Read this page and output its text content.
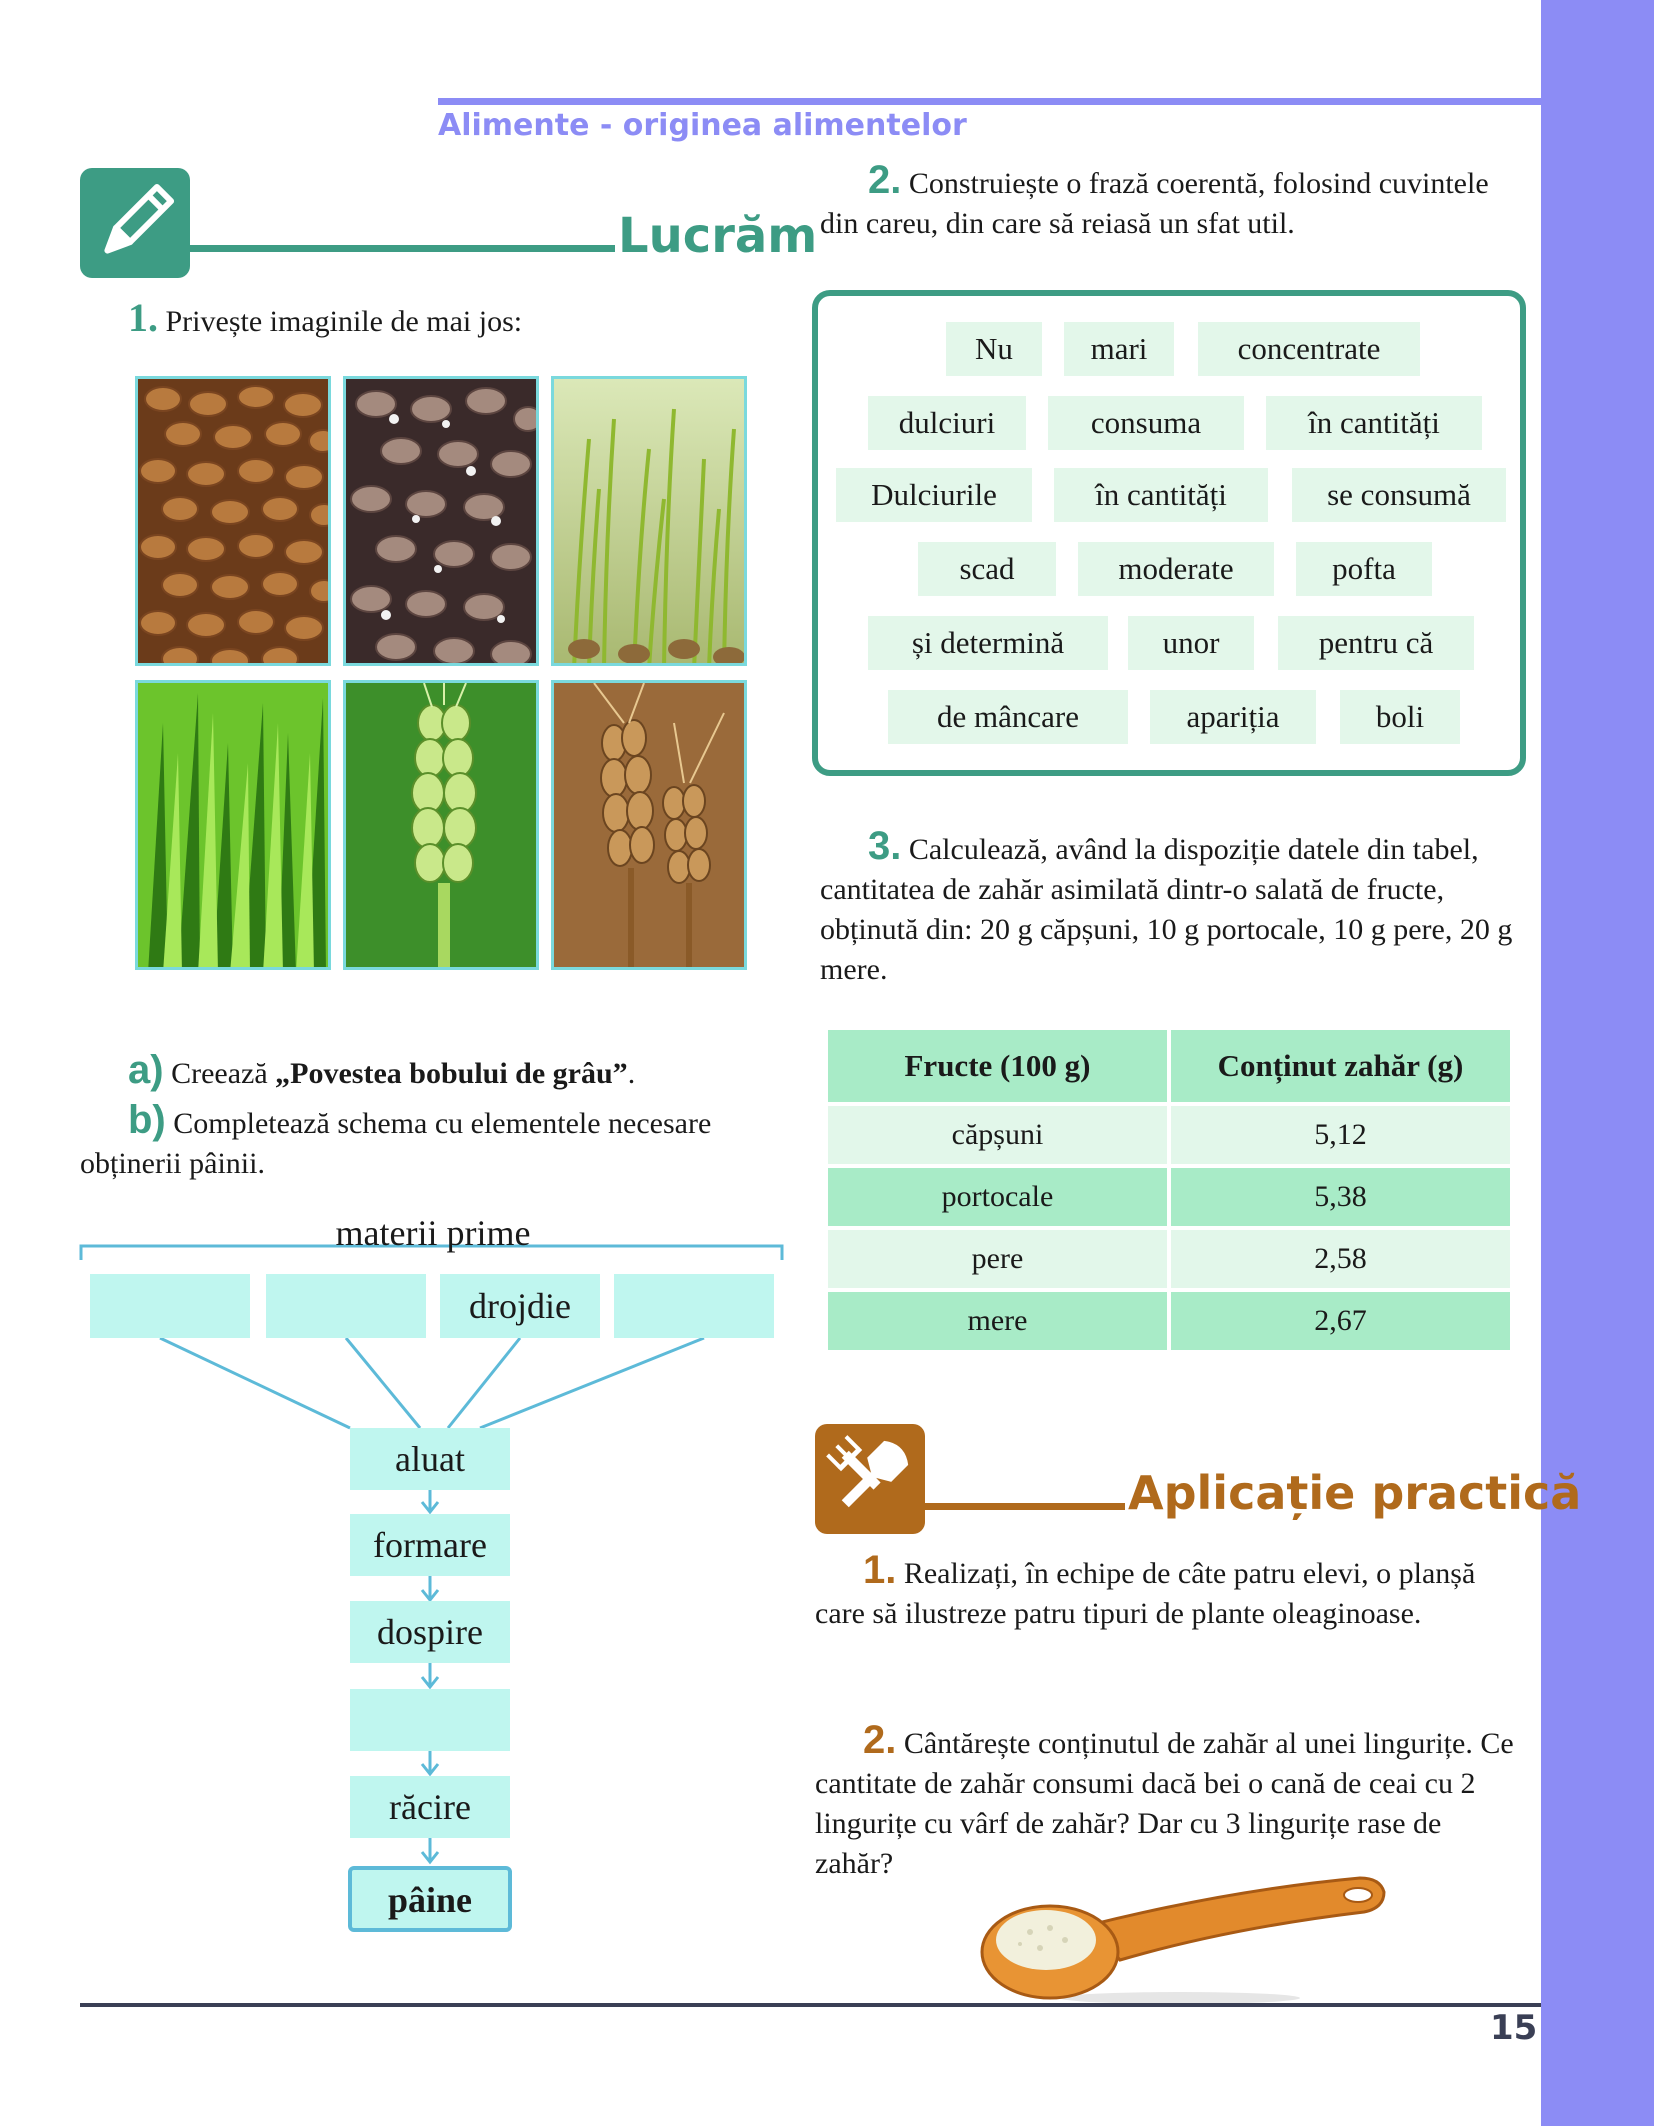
Alimente - originea alimentelor
Lucrăm
1. Privește imaginile de mai jos:
a) Creează „Povestea bobului de grâu”.
b) Completează schema cu elementele necesare obținerii pâinii.
materii prime
drojdie
aluat
formare
dospire
răcire
pâine
2. Construiește o frază coerentă, folosind cuvintele din careu, din care să reiasă un sfat util.
Nu	mari	concentrate
dulciuri	consuma	în cantități
Dulciurile	în cantități	se consumă
scad	moderate	pofta
și determină	unor	pentru că
de mâncare	apariția	boli
3. Calculează, având la dispoziție datele din tabel, cantitatea de zahăr asimilată dintr-o salată de fructe, obținută din: 20 g căpșuni, 10 g portocale, 10 g pere, 20 g mere.
Fructe (100 g)	Conținut zahăr (g)
căpșuni	5,12
portocale	5,38
pere	2,58
mere	2,67
Aplicație practică
1. Realizați, în echipe de câte patru elevi, o planșă care să ilustreze patru tipuri de plante oleaginoase.
2. Cântărește conținutul de zahăr al unei lingurițe. Ce cantitate de zahăr consumi dacă bei o cană de ceai cu 2 lingurițe cu vârf de zahăr? Dar cu 3 lingurițe rase de zahăr?
15
